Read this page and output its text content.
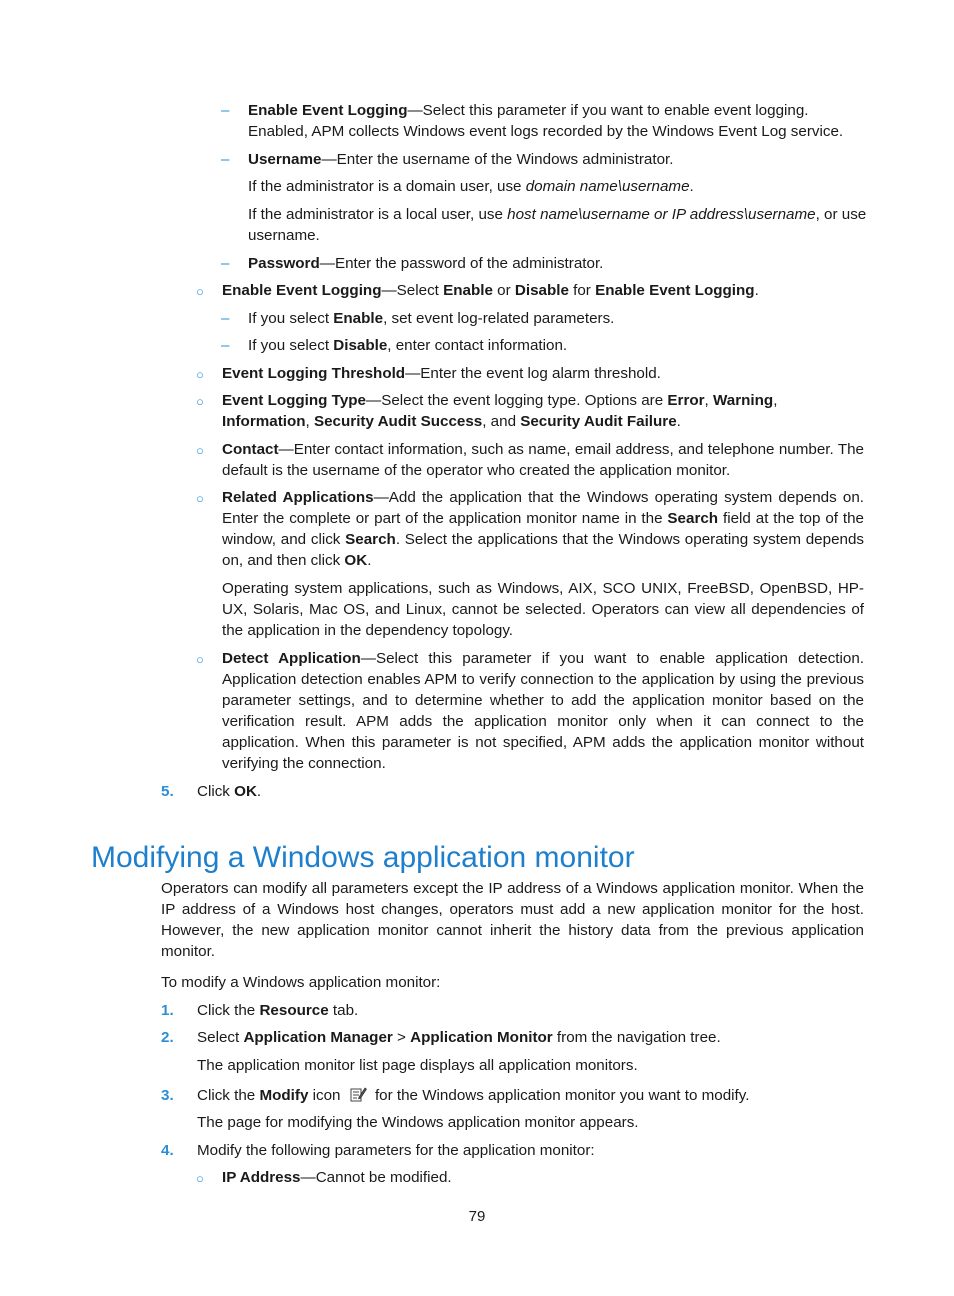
– Enable Event Logging—Select this parameter if you want to enable event logging. Enabled, APM collects Windows event logs recorded by the Windows Event Log service.

– Username—Enter the username of the Windows administrator.

If the administrator is a domain user, use domain name\username.

If the administrator is a local user, use host name\username or IP address\username, or use username.

– Password—Enter the password of the administrator.

○ Enable Event Logging—Select Enable or Disable for Enable Event Logging.

– If you select Enable, set event log-related parameters.

– If you select Disable, enter contact information.

○ Event Logging Threshold—Enter the event log alarm threshold.

○ Event Logging Type—Select the event logging type. Options are Error, Warning, Information, Security Audit Success, and Security Audit Failure.

○ Contact—Enter contact information, such as name, email address, and telephone number. The default is the username of the operator who created the application monitor.

○ Related Applications—Add the application that the Windows operating system depends on. Enter the complete or part of the application monitor name in the Search field at the top of the window, and click Search. Select the applications that the Windows operating system depends on, and then click OK.

Operating system applications, such as Windows, AIX, SCO UNIX, FreeBSD, OpenBSD, HP-UX, Solaris, Mac OS, and Linux, cannot be selected. Operators can view all dependencies of the application in the dependency topology.

○ Detect Application—Select this parameter if you want to enable application detection. Application detection enables APM to verify connection to the application by using the previous parameter settings, and to determine whether to add the application monitor based on the verification result. APM adds the application monitor only when it can connect to the application. When this parameter is not specified, APM adds the application monitor without verifying the connection.

5. Click OK.

Modifying a Windows application monitor

Operators can modify all parameters except the IP address of a Windows application monitor. When the IP address of a Windows host changes, operators must add a new application monitor for the host. However, the new application monitor cannot inherit the history data from the previous application monitor.

To modify a Windows application monitor:

1. Click the Resource tab.

2. Select Application Manager > Application Monitor from the navigation tree.

The application monitor list page displays all application monitors.

3. Click the Modify icon  for the Windows application monitor you want to modify.

The page for modifying the Windows application monitor appears.

4. Modify the following parameters for the application monitor:

○ IP Address—Cannot be modified.

79
